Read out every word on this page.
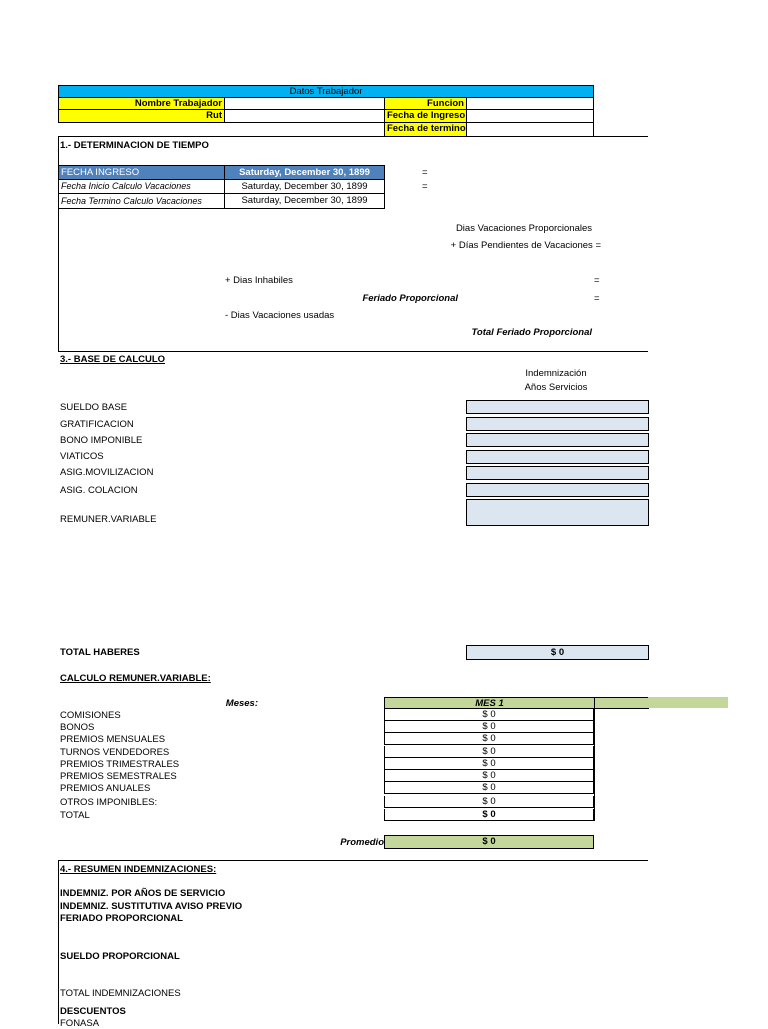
Datos Trabajador
Nombre Trabajador	Funcion
Rut	Fecha de Ingreso
Fecha de termino
1.- DETERMINACION DE TIEMPO
FECHA INGRESO	Saturday, December 30, 1899	=
Fecha Inicio Calculo Vacaciones	Saturday, December 30, 1899	=
Fecha Termino Calculo Vacaciones	Saturday, December 30, 1899
Dias Vacaciones Proporcionales
+ Días Pendientes de Vacaciones =
+ Dias Inhabiles	=
Feriado Proporcional	=
- Dias Vacaciones usadas
Total Feriado Proporcional
3.- BASE DE CALCULO
Indemnización
Años Servicios
SUELDO BASE
GRATIFICACION
BONO IMPONIBLE
VIATICOS
ASIG.MOVILIZACION
ASIG. COLACION
REMUNER.VARIABLE
TOTAL HABERES	$ 0
CALCULO REMUNER.VARIABLE:
Meses:	MES 1
COMISIONES	$ 0
BONOS	$ 0
PREMIOS MENSUALES	$ 0
TURNOS VENDEDORES	$ 0
PREMIOS TRIMESTRALES	$ 0
PREMIOS SEMESTRALES	$ 0
PREMIOS ANUALES	$ 0
OTROS IMPONIBLES:	$ 0
TOTAL	$ 0
Promedio	$ 0
4.- RESUMEN INDEMNIZACIONES:
INDEMNIZ. POR AÑOS DE SERVICIO
INDEMNIZ. SUSTITUTIVA AVISO PREVIO
FERIADO PROPORCIONAL
SUELDO PROPORCIONAL
TOTAL INDEMNIZACIONES
DESCUENTOS
FONASA
